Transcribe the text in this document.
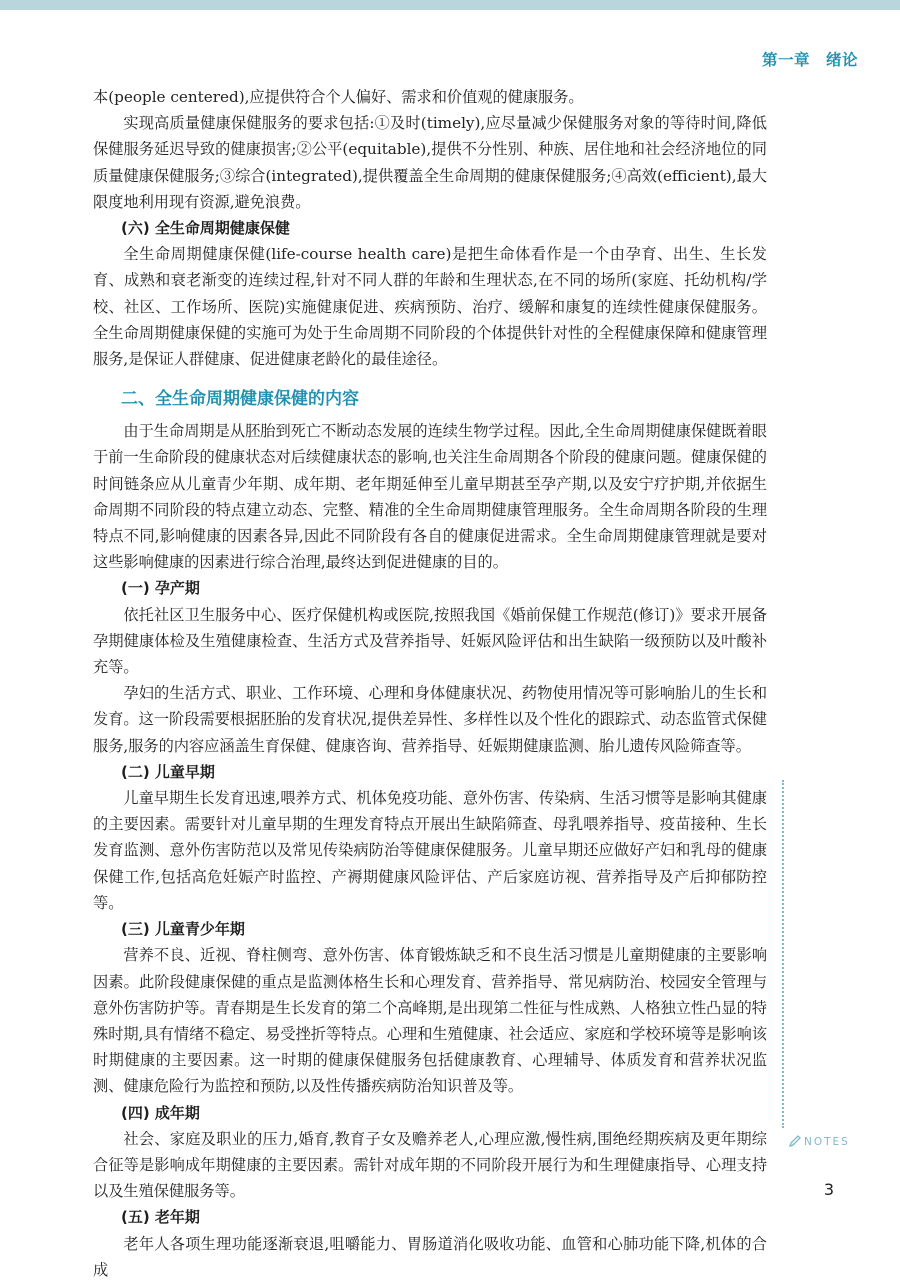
第一章　绪论

本(people centered),应提供符合个人偏好、需求和价值观的健康服务。

实现高质量健康保健服务的要求包括:①及时(timely),应尽量减少保健服务对象的等待时间,降低保健服务延迟导致的健康损害;②公平(equitable),提供不分性别、种族、居住地和社会经济地位的同质量健康保健服务;③综合(integrated),提供覆盖全生命周期的健康保健服务;④高效(efficient),最大限度地利用现有资源,避免浪费。

(六) 全生命周期健康保健

全生命周期健康保健(life-course health care)是把生命体看作是一个由孕育、出生、生长发育、成熟和衰老渐变的连续过程,针对不同人群的年龄和生理状态,在不同的场所(家庭、托幼机构/学校、社区、工作场所、医院)实施健康促进、疾病预防、治疗、缓解和康复的连续性健康保健服务。全生命周期健康保健的实施可为处于生命周期不同阶段的个体提供针对性的全程健康保障和健康管理服务,是保证人群健康、促进健康老龄化的最佳途径。

二、全生命周期健康保健的内容

由于生命周期是从胚胎到死亡不断动态发展的连续生物学过程。因此,全生命周期健康保健既着眼于前一生命阶段的健康状态对后续健康状态的影响,也关注生命周期各个阶段的健康问题。健康保健的时间链条应从儿童青少年期、成年期、老年期延伸至儿童早期甚至孕产期,以及安宁疗护期,并依据生命周期不同阶段的特点建立动态、完整、精准的全生命周期健康管理服务。全生命周期各阶段的生理特点不同,影响健康的因素各异,因此不同阶段有各自的健康促进需求。全生命周期健康管理就是要对这些影响健康的因素进行综合治理,最终达到促进健康的目的。

(一) 孕产期

依托社区卫生服务中心、医疗保健机构或医院,按照我国《婚前保健工作规范(修订)》要求开展备孕期健康体检及生殖健康检查、生活方式及营养指导、妊娠风险评估和出生缺陷一级预防以及叶酸补充等。

孕妇的生活方式、职业、工作环境、心理和身体健康状况、药物使用情况等可影响胎儿的生长和发育。这一阶段需要根据胚胎的发育状况,提供差异性、多样性以及个性化的跟踪式、动态监管式保健服务,服务的内容应涵盖生育保健、健康咨询、营养指导、妊娠期健康监测、胎儿遗传风险筛查等。

(二) 儿童早期

儿童早期生长发育迅速,喂养方式、机体免疫功能、意外伤害、传染病、生活习惯等是影响其健康的主要因素。需要针对儿童早期的生理发育特点开展出生缺陷筛查、母乳喂养指导、疫苗接种、生长发育监测、意外伤害防范以及常见传染病防治等健康保健服务。儿童早期还应做好产妇和乳母的健康保健工作,包括高危妊娠产时监控、产褥期健康风险评估、产后家庭访视、营养指导及产后抑郁防控等。

(三) 儿童青少年期

营养不良、近视、脊柱侧弯、意外伤害、体育锻炼缺乏和不良生活习惯是儿童期健康的主要影响因素。此阶段健康保健的重点是监测体格生长和心理发育、营养指导、常见病防治、校园安全管理与意外伤害防护等。青春期是生长发育的第二个高峰期,是出现第二性征与性成熟、人格独立性凸显的特殊时期,具有情绪不稳定、易受挫折等特点。心理和生殖健康、社会适应、家庭和学校环境等是影响该时期健康的主要因素。这一时期的健康保健服务包括健康教育、心理辅导、体质发育和营养状况监测、健康危险行为监控和预防,以及性传播疾病防治知识普及等。

(四) 成年期

社会、家庭及职业的压力,婚育,教育子女及赡养老人,心理应激,慢性病,围绝经期疾病及更年期综合征等是影响成年期健康的主要因素。需针对成年期的不同阶段开展行为和生理健康指导、心理支持以及生殖保健服务等。

(五) 老年期

老年人各项生理功能逐渐衰退,咀嚼能力、胃肠道消化吸收功能、血管和心肺功能下降,机体的合成

NOTES
3
